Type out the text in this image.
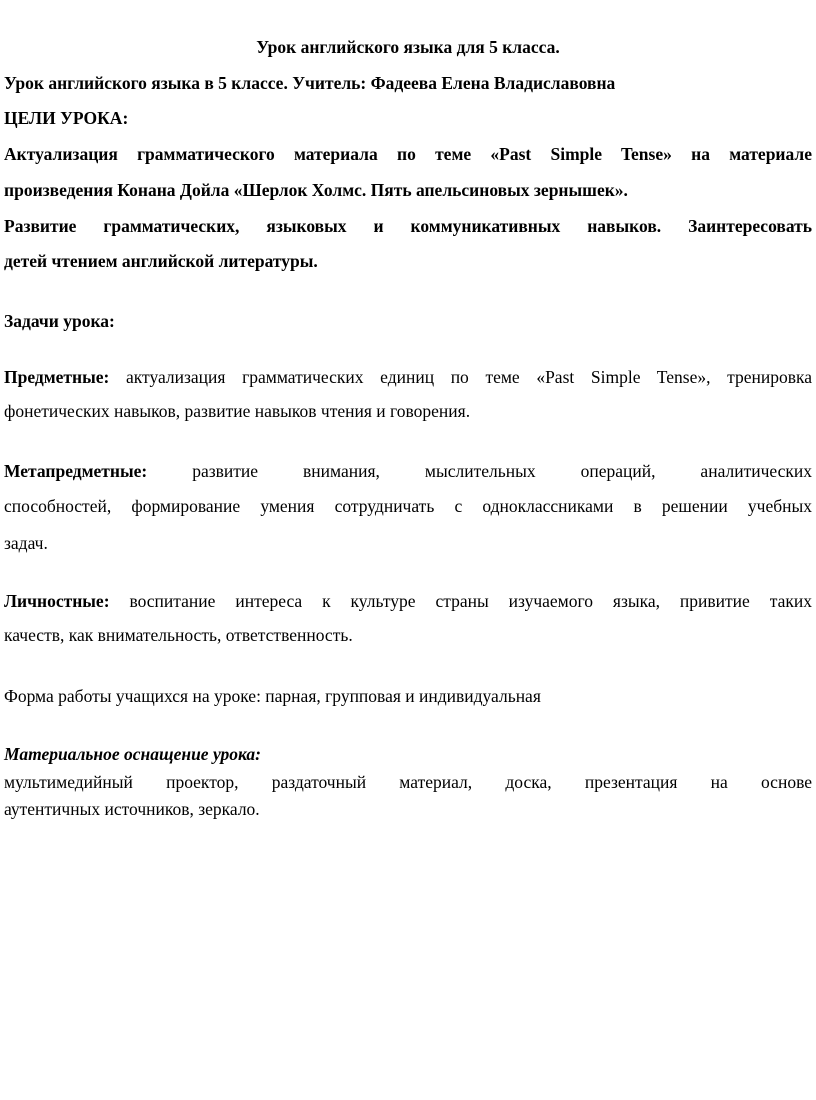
Урок английского языка для 5 класса.
Урок английского языка в 5 классе. Учитель: Фадеева Елена Владиславовна
ЦЕЛИ УРОКА:
Актуализация грамматического материала по теме «Past Simple Tense» на материале
произведения Конана Дойла «Шерлок Холмс. Пять апельсиновых зернышек».
Развитие грамматических, языковых и коммуникативных навыков. Заинтересовать
детей чтением английской литературы.
Задачи урока:
Предметные: актуализация грамматических единиц по теме «Past Simple Tense», тренировка
фонетических навыков, развитие навыков чтения и говорения.
Метапредметные: развитие внимания, мыслительных операций, аналитических
способностей, формирование умения сотрудничать с одноклассниками в решении учебных
задач.
Личностные: воспитание интереса к культуре страны изучаемого языка, привитие таких
качеств, как внимательность, ответственность.
Форма работы учащихся на уроке: парная, групповая и индивидуальная
Материальное оснащение урока:
мультимедийный проектор, раздаточный материал, доска, презентация на основе
аутентичных источников, зеркало.
